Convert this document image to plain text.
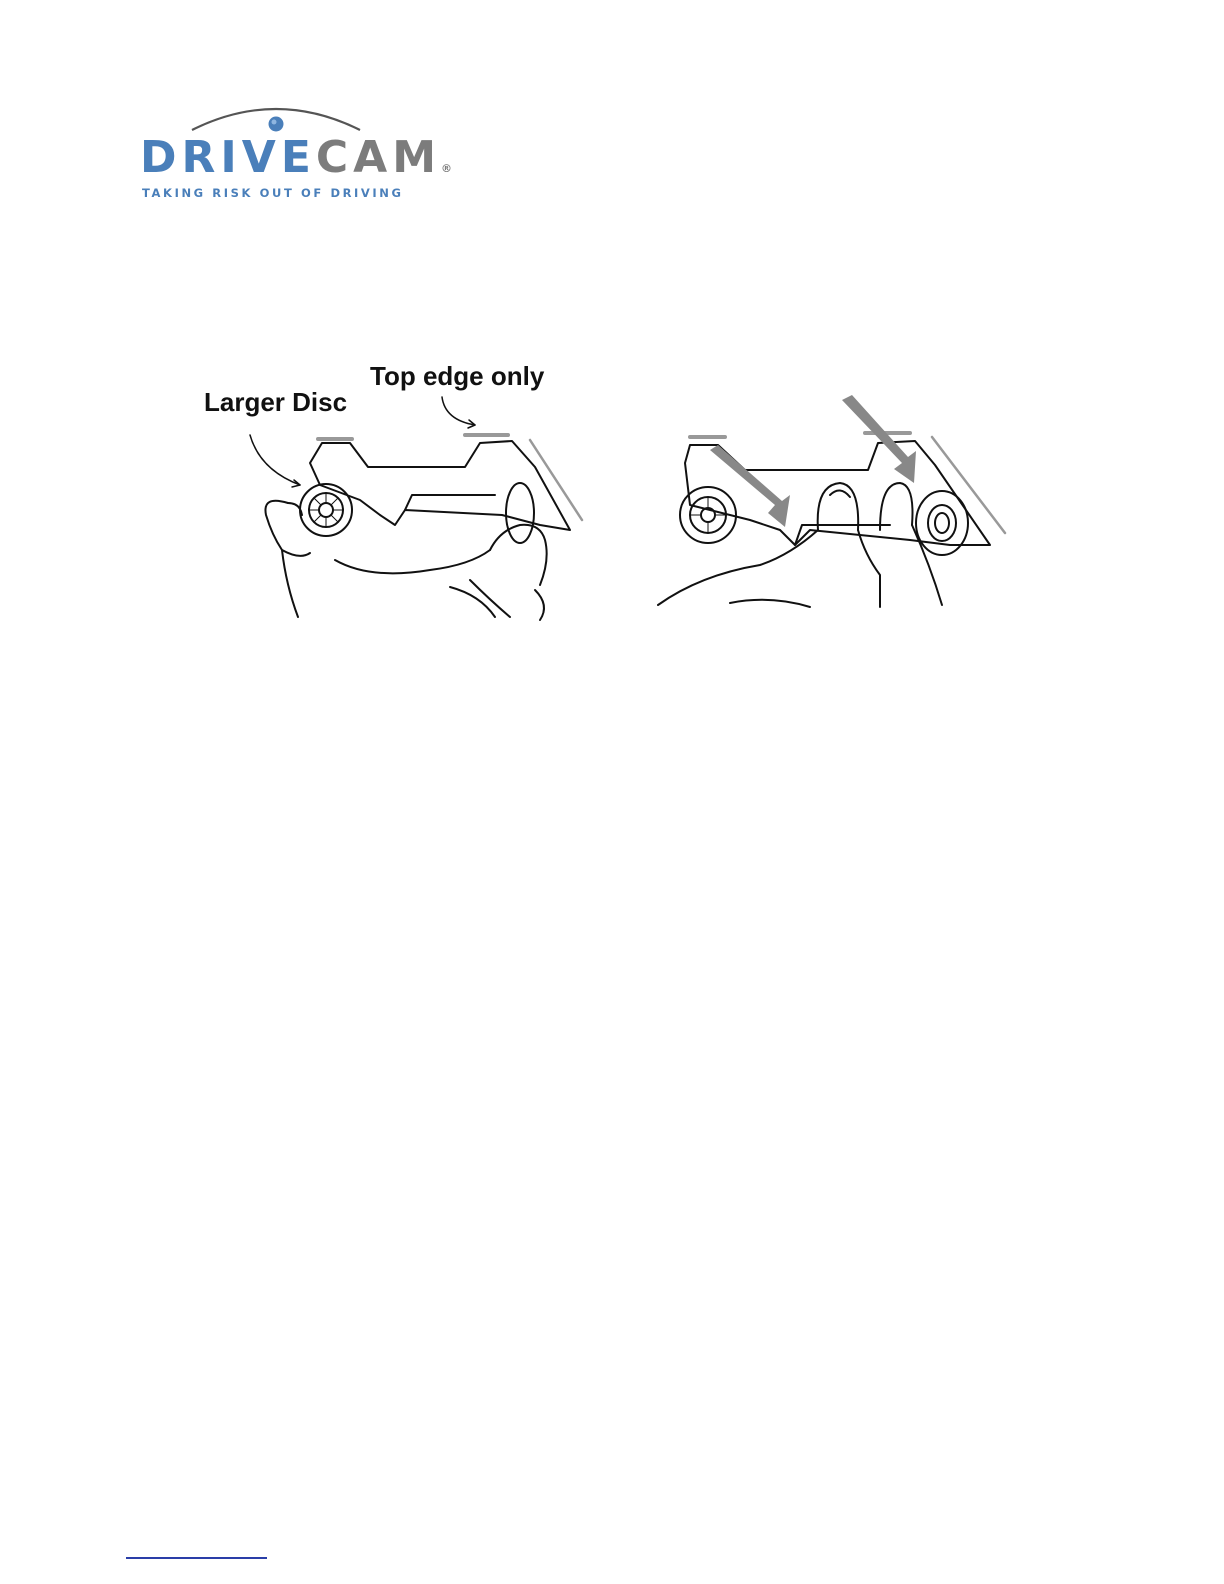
DRIVECAM®
TAKING RISK OUT OF DRIVING
Larger Disc
Top edge only
